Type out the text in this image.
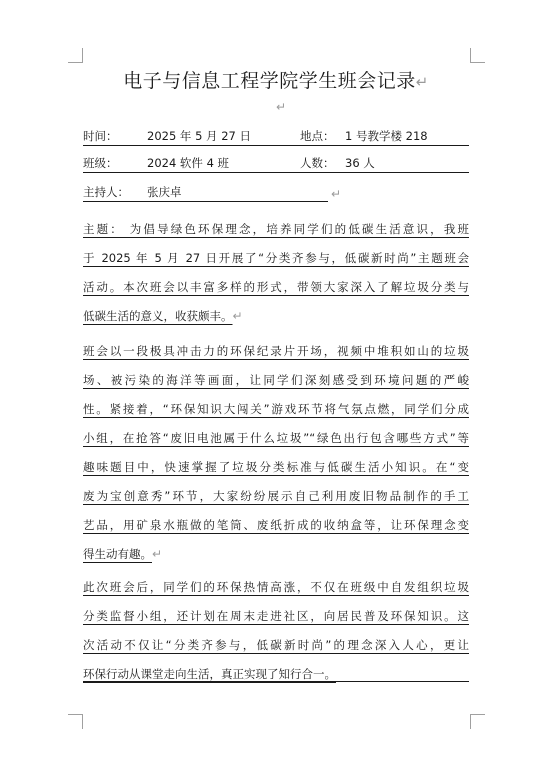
电子与信息工程学院学生班会记录↵
↵
时间：	2025 年 5 月 27 日	地点： 1 号教学楼 218
班级：	2024 软件 4 班	人数： 36 人
主持人： 张庆卓	↵
主题： 为倡导绿色环保理念，培养同学们的低碳生活意识，我班
于 2025 年 5 月 27 日开展了“分类齐参与，低碳新时尚”主题班会
活动。本次班会以丰富多样的形式，带领大家深入了解垃圾分类与
低碳生活的意义，收获颇丰。↵
班会以一段极具冲击力的环保纪录片开场，视频中堆积如山的垃圾
场、被污染的海洋等画面，让同学们深刻感受到环境问题的严峻
性。紧接着，“环保知识大闯关”游戏环节将气氛点燃，同学们分成
小组，在抢答“废旧电池属于什么垃圾”“绿色出行包含哪些方式”等
趣味题目中，快速掌握了垃圾分类标准与低碳生活小知识。在“变
废为宝创意秀”环节，大家纷纷展示自己利用废旧物品制作的手工
艺品，用矿泉水瓶做的笔筒、废纸折成的收纳盒等，让环保理念变
得生动有趣。↵
此次班会后，同学们的环保热情高涨，不仅在班级中自发组织垃圾
分类监督小组，还计划在周末走进社区，向居民普及环保知识。这
次活动不仅让“分类齐参与，低碳新时尚”的理念深入人心，更让
环保行动从课堂走向生活，真正实现了知行合一。
